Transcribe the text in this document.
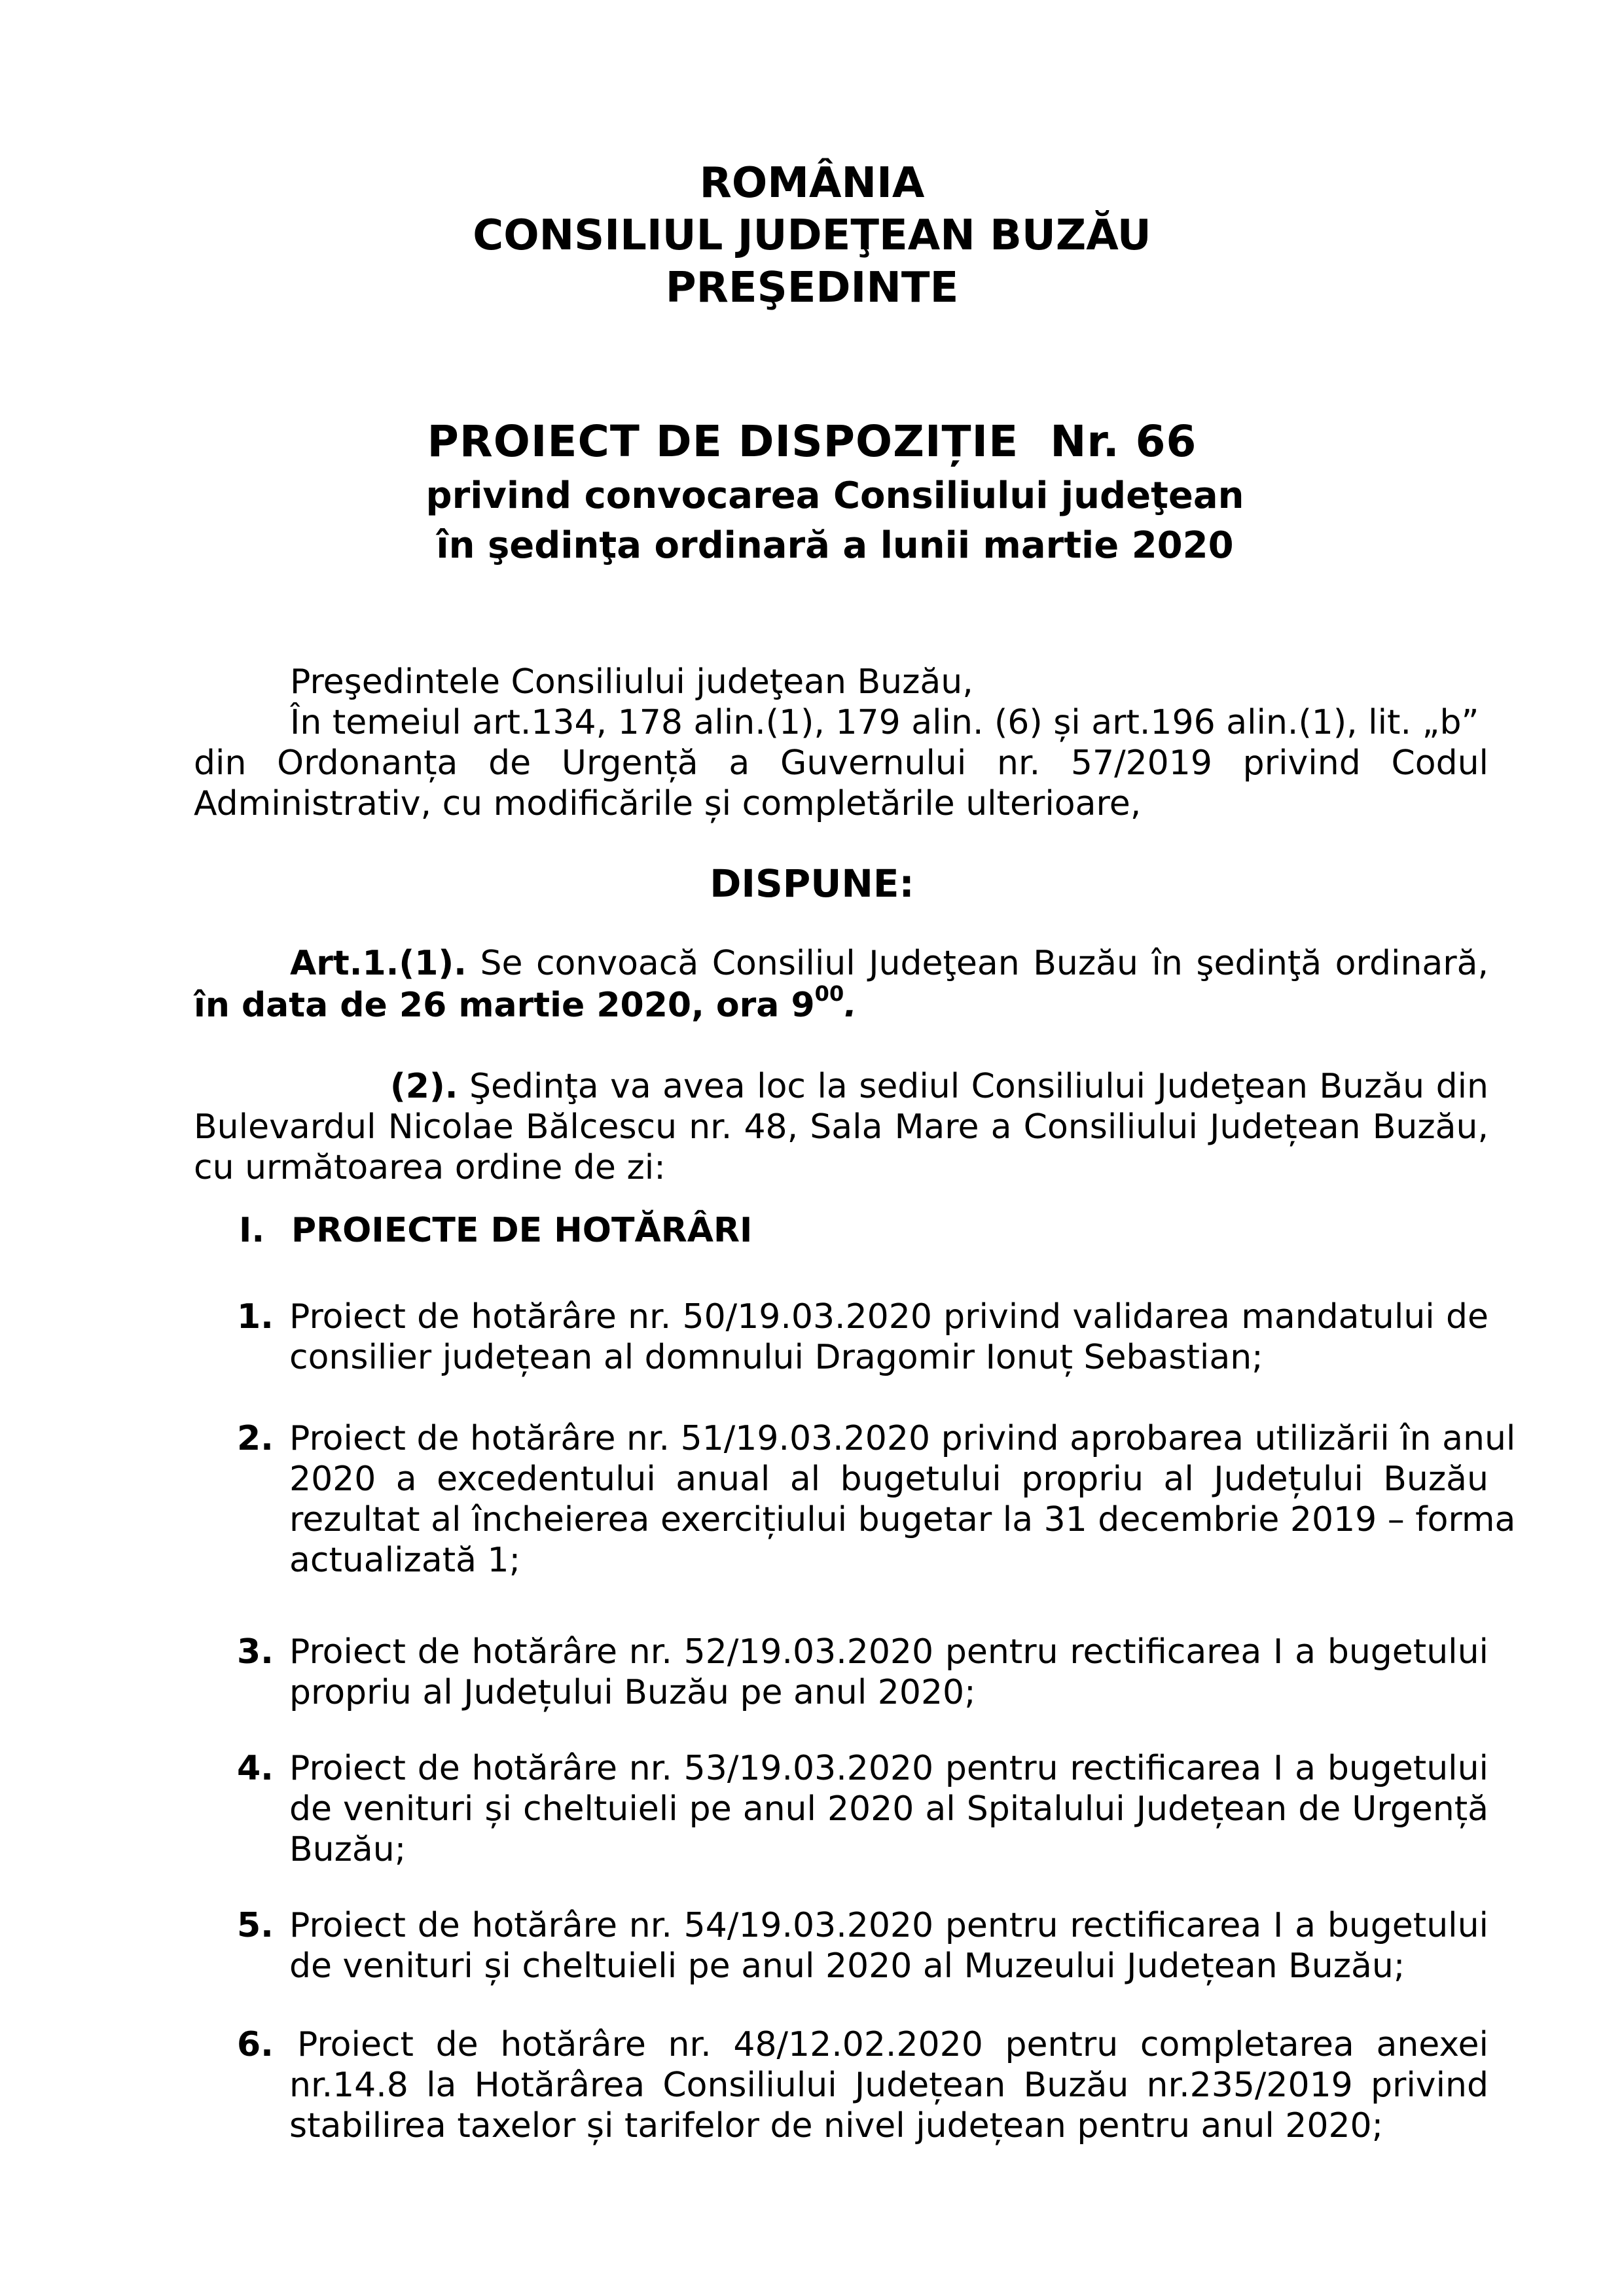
ROMÂNIA
CONSILIUL JUDEŢEAN BUZĂU
PREŞEDINTE
PROIECT DE DISPOZIȚIE Nr. 66
privind convocarea Consiliului judeţean
în şedinţa ordinară a lunii martie 2020
Preşedintele Consiliului judeţean Buzău,
În temeiul art.134, 178 alin.(1), 179 alin. (6) și art.196 alin.(1), lit. „b”
din Ordonanța de Urgență a Guvernului nr. 57/2019 privind Codul
Administrativ, cu modificările și completările ulterioare,
DISPUNE:
Art.1.(1). Se convoacă Consiliul Judeţean Buzău în şedinţă ordinară,
în data de 26 martie 2020, ora $9^{00}$.
(2). Şedinţa va avea loc la sediul Consiliului Judeţean Buzău din
Bulevardul Nicolae Bălcescu nr. 48, Sala Mare a Consiliului Județean Buzău,
cu următoarea ordine de zi:
I. PROIECTE DE HOTĂRÂRI
1. Proiect de hotărâre nr. 50/19.03.2020 privind validarea mandatului de
consilier județean al domnului Dragomir Ionuț Sebastian;
2. Proiect de hotărâre nr. 51/19.03.2020 privind aprobarea utilizării în anul
2020 a excedentului anual al bugetului propriu al Județului Buzău
rezultat al încheierea exercițiului bugetar la 31 decembrie 2019 – forma
actualizată 1;
3. Proiect de hotărâre nr. 52/19.03.2020 pentru rectificarea I a bugetului
propriu al Județului Buzău pe anul 2020;
4. Proiect de hotărâre nr. 53/19.03.2020 pentru rectificarea I a bugetului
de venituri și cheltuieli pe anul 2020 al Spitalului Județean de Urgență
Buzău;
5. Proiect de hotărâre nr. 54/19.03.2020 pentru rectificarea I a bugetului
de venituri și cheltuieli pe anul 2020 al Muzeului Județean Buzău;
6. Proiect de hotărâre nr. 48/12.02.2020 pentru completarea anexei
nr.14.8 la Hotărârea Consiliului Județean Buzău nr.235/2019 privind
stabilirea taxelor și tarifelor de nivel județean pentru anul 2020;
